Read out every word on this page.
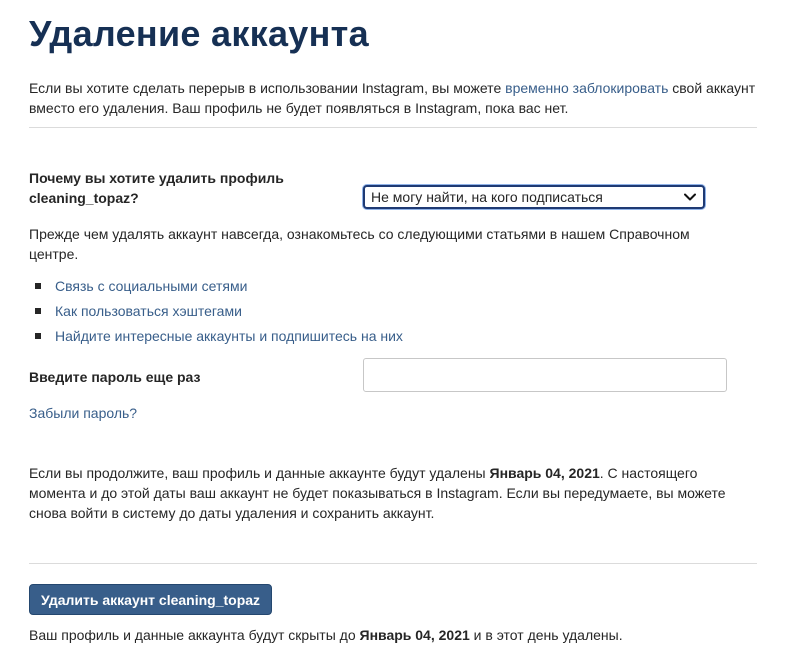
Удаление аккаунта
Если вы хотите сделать перерыв в использовании Instagram, вы можете временно заблокировать свой аккаунт вместо его удаления. Ваш профиль не будет появляться в Instagram, пока вас нет.
Почему вы хотите удалить профиль cleaning_topaz?	Не могу найти, на кого подписаться
Прежде чем удалять аккаунт навсегда, ознакомьтесь со следующими статьями в нашем Справочном центре.
Связь с социальными сетями
Как пользоваться хэштегами
Найдите интересные аккаунты и подпишитесь на них
Введите пароль еще раз
Забыли пароль?
Если вы продолжите, ваш профиль и данные аккаунте будут удалены Январь 04, 2021. С настоящего момента и до этой даты ваш аккаунт не будет показываться в Instagram. Если вы передумаете, вы можете снова войти в систему до даты удаления и сохранить аккаунт.
Удалить аккаунт cleaning_topaz
Ваш профиль и данные аккаунта будут скрыты до Январь 04, 2021 и в этот день удалены.
